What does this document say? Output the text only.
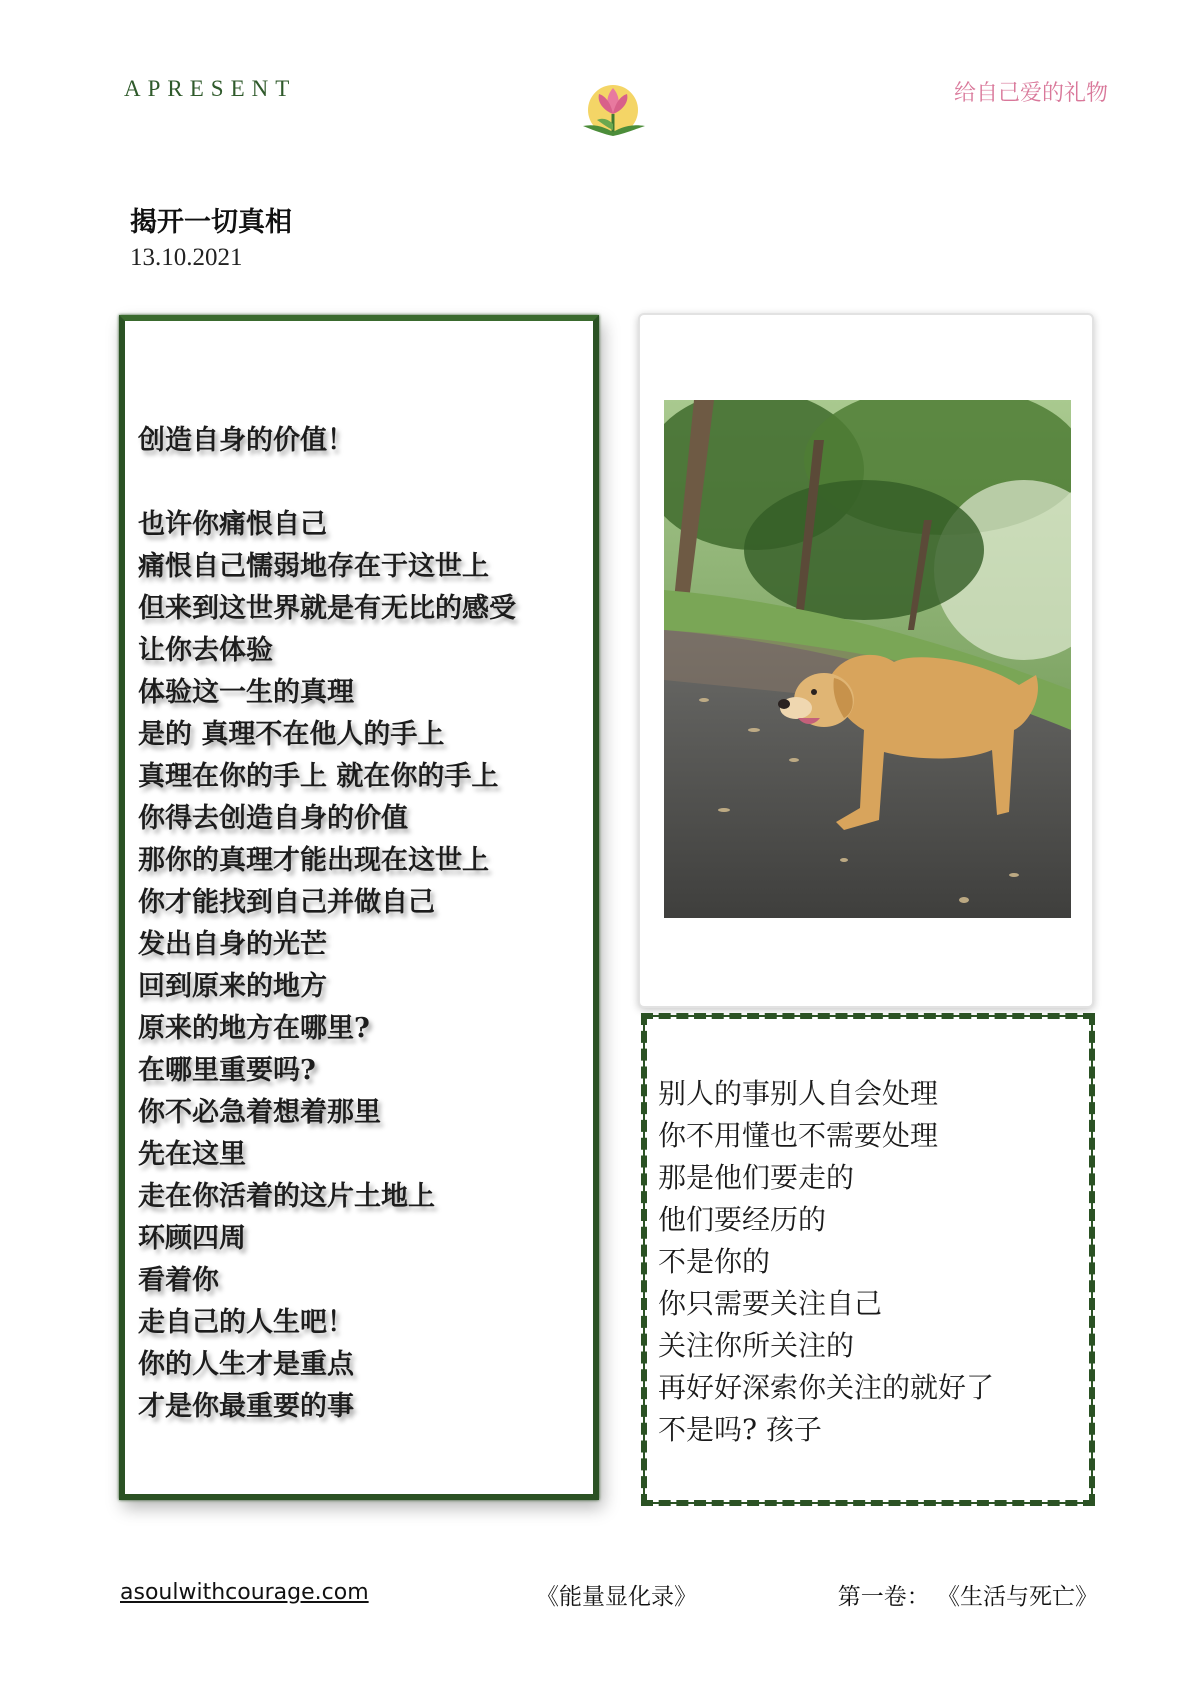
APRESENT	给自己爱的礼物
揭开一切真相
13.10.2021
创造自身的价值！
也许你痛恨自己
痛恨自己懦弱地存在于这世上
但来到这世界就是有无比的感受
让你去体验
体验这一生的真理
是的 真理不在他人的手上
真理在你的手上 就在你的手上
你得去创造自身的价值
那你的真理才能出现在这世上
你才能找到自己并做自己
发出自身的光芒
回到原来的地方
原来的地方在哪里?
在哪里重要吗?
你不必急着想着那里
先在这里
走在你活着的这片土地上
环顾四周
看着你
走自己的人生吧！
你的人生才是重点
才是你最重要的事
别人的事别人自会处理
你不用懂也不需要处理
那是他们要走的
他们要经历的
不是你的
你只需要关注自己
关注你所关注的
再好好深索你关注的就好了
不是吗? 孩子
asoulwithcourage.com	《能量显化录》	第一卷： 《生活与死亡》
